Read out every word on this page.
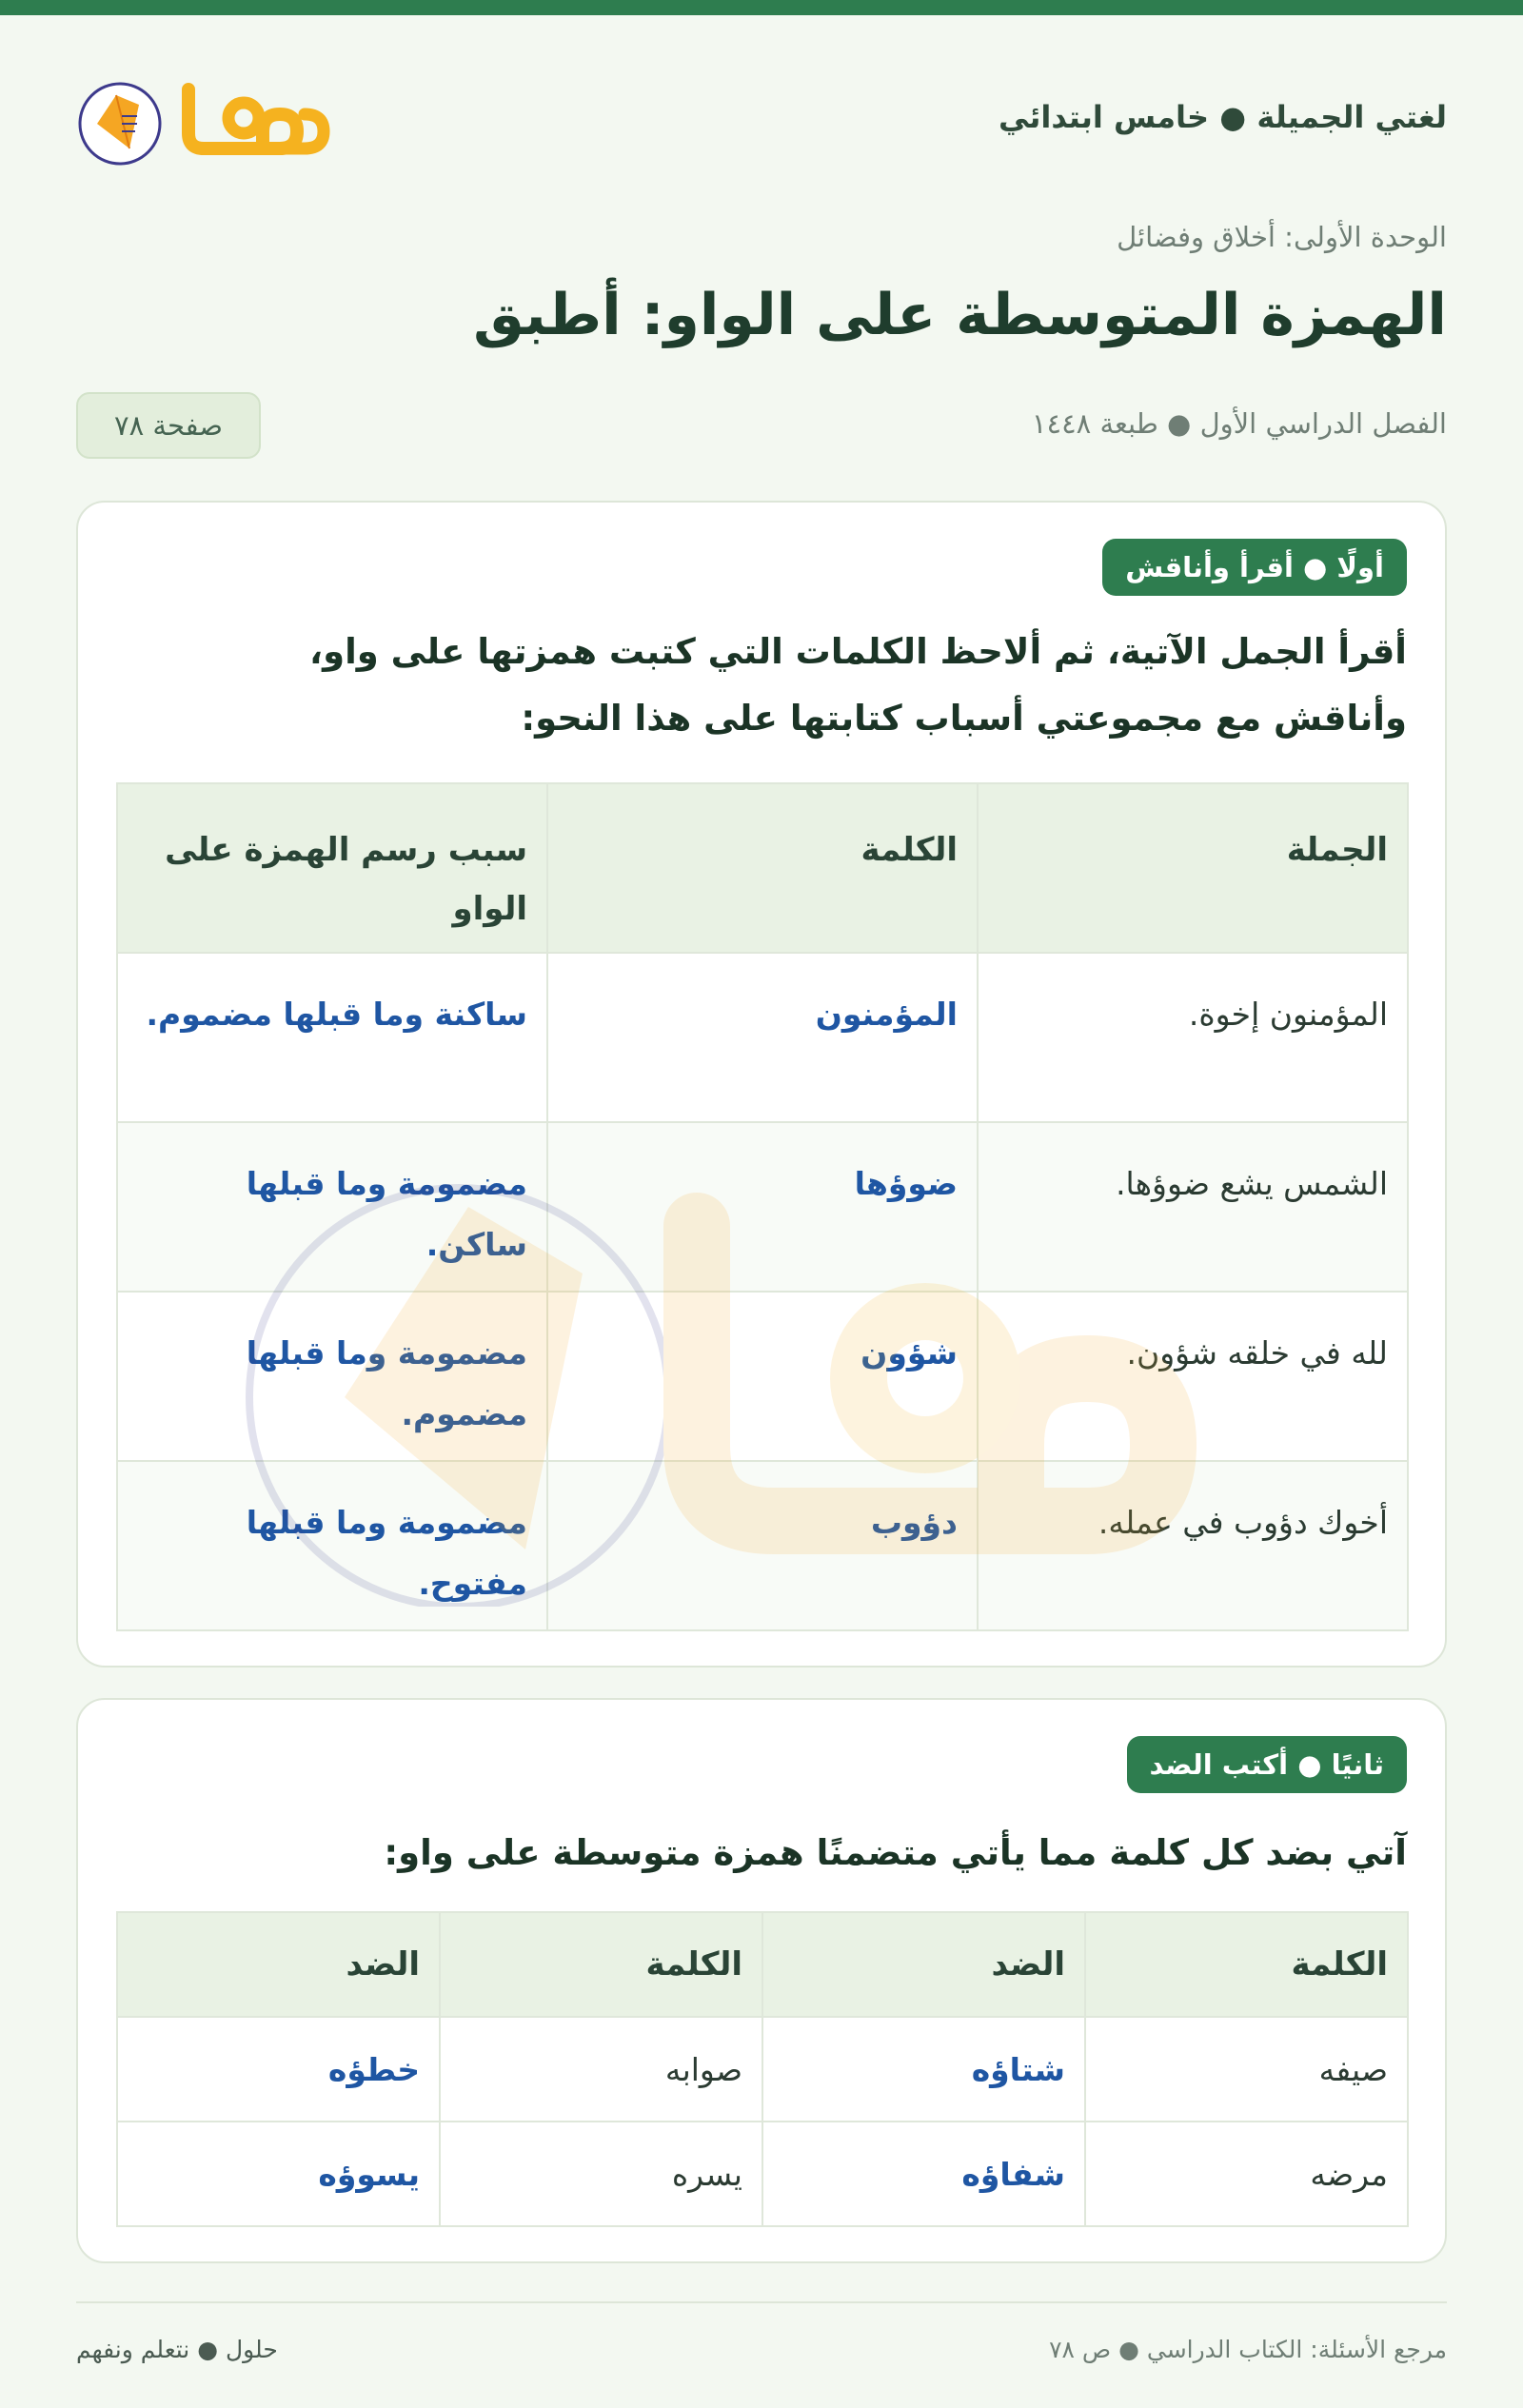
لغتي الجميلة ● خامس ابتدائي
الوحدة الأولى: أخلاق وفضائل
الهمزة المتوسطة على الواو: أطبق
الفصل الدراسي الأول ● طبعة ١٤٤٨
صفحة ٧٨
أولًا ● أقرأ وأناقش
أقرأ الجمل الآتية، ثم ألاحظ الكلمات التي كتبت همزتها على واو،
وأناقش مع مجموعتي أسباب كتابتها على هذا النحو:
الجملة	الكلمة	سبب رسم الهمزة على الواو
المؤمنون إخوة.	المؤمنون	ساكنة وما قبلها مضموم.
الشمس يشع ضوؤها.	ضوؤها	مضمومة وما قبلها ساكن.
لله في خلقه شؤون.	شؤون	مضمومة وما قبلها مضموم.
أخوك دؤوب في عمله.	دؤوب	مضمومة وما قبلها مفتوح.
ثانيًا ● أكتب الضد
آتي بضد كل كلمة مما يأتي متضمنًا همزة متوسطة على واو:
الكلمة	الضد	الكلمة	الضد
صيفه	شتاؤه	صوابه	خطؤه
مرضه	شفاؤه	يسره	يسوؤه
مرجع الأسئلة: الكتاب الدراسي ● ص ٧٨
حلول ● نتعلم ونفهم
